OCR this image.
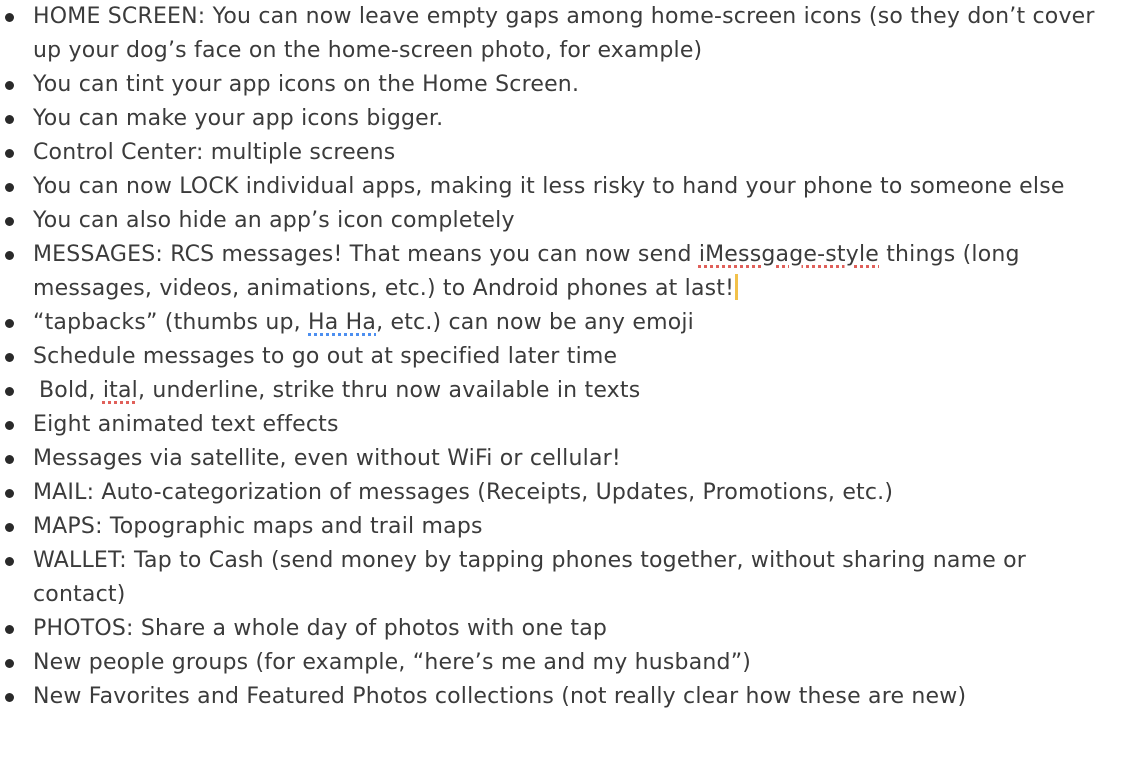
HOME SCREEN: You can now leave empty gaps among home-screen icons (so they don’t cover up your dog’s face on the home-screen photo, for example)
You can tint your app icons on the Home Screen.
You can make your app icons bigger.
Control Center: multiple screens
You can now LOCK individual apps, making it less risky to hand your phone to someone else
You can also hide an app’s icon completely
MESSAGES: RCS messages! That means you can now send iMessgage-style things (long messages, videos, animations, etc.) to Android phones at last!
“tapbacks” (thumbs up, Ha Ha, etc.) can now be any emoji
Schedule messages to go out at specified later time
Bold, ital, underline, strike thru now available in texts
Eight animated text effects
Messages via satellite, even without WiFi or cellular!
MAIL: Auto-categorization of messages (Receipts, Updates, Promotions, etc.)
MAPS: Topographic maps and trail maps
WALLET: Tap to Cash (send money by tapping phones together, without sharing name or contact)
PHOTOS: Share a whole day of photos with one tap
New people groups (for example, “here’s me and my husband”)
New Favorites and Featured Photos collections (not really clear how these are new)
